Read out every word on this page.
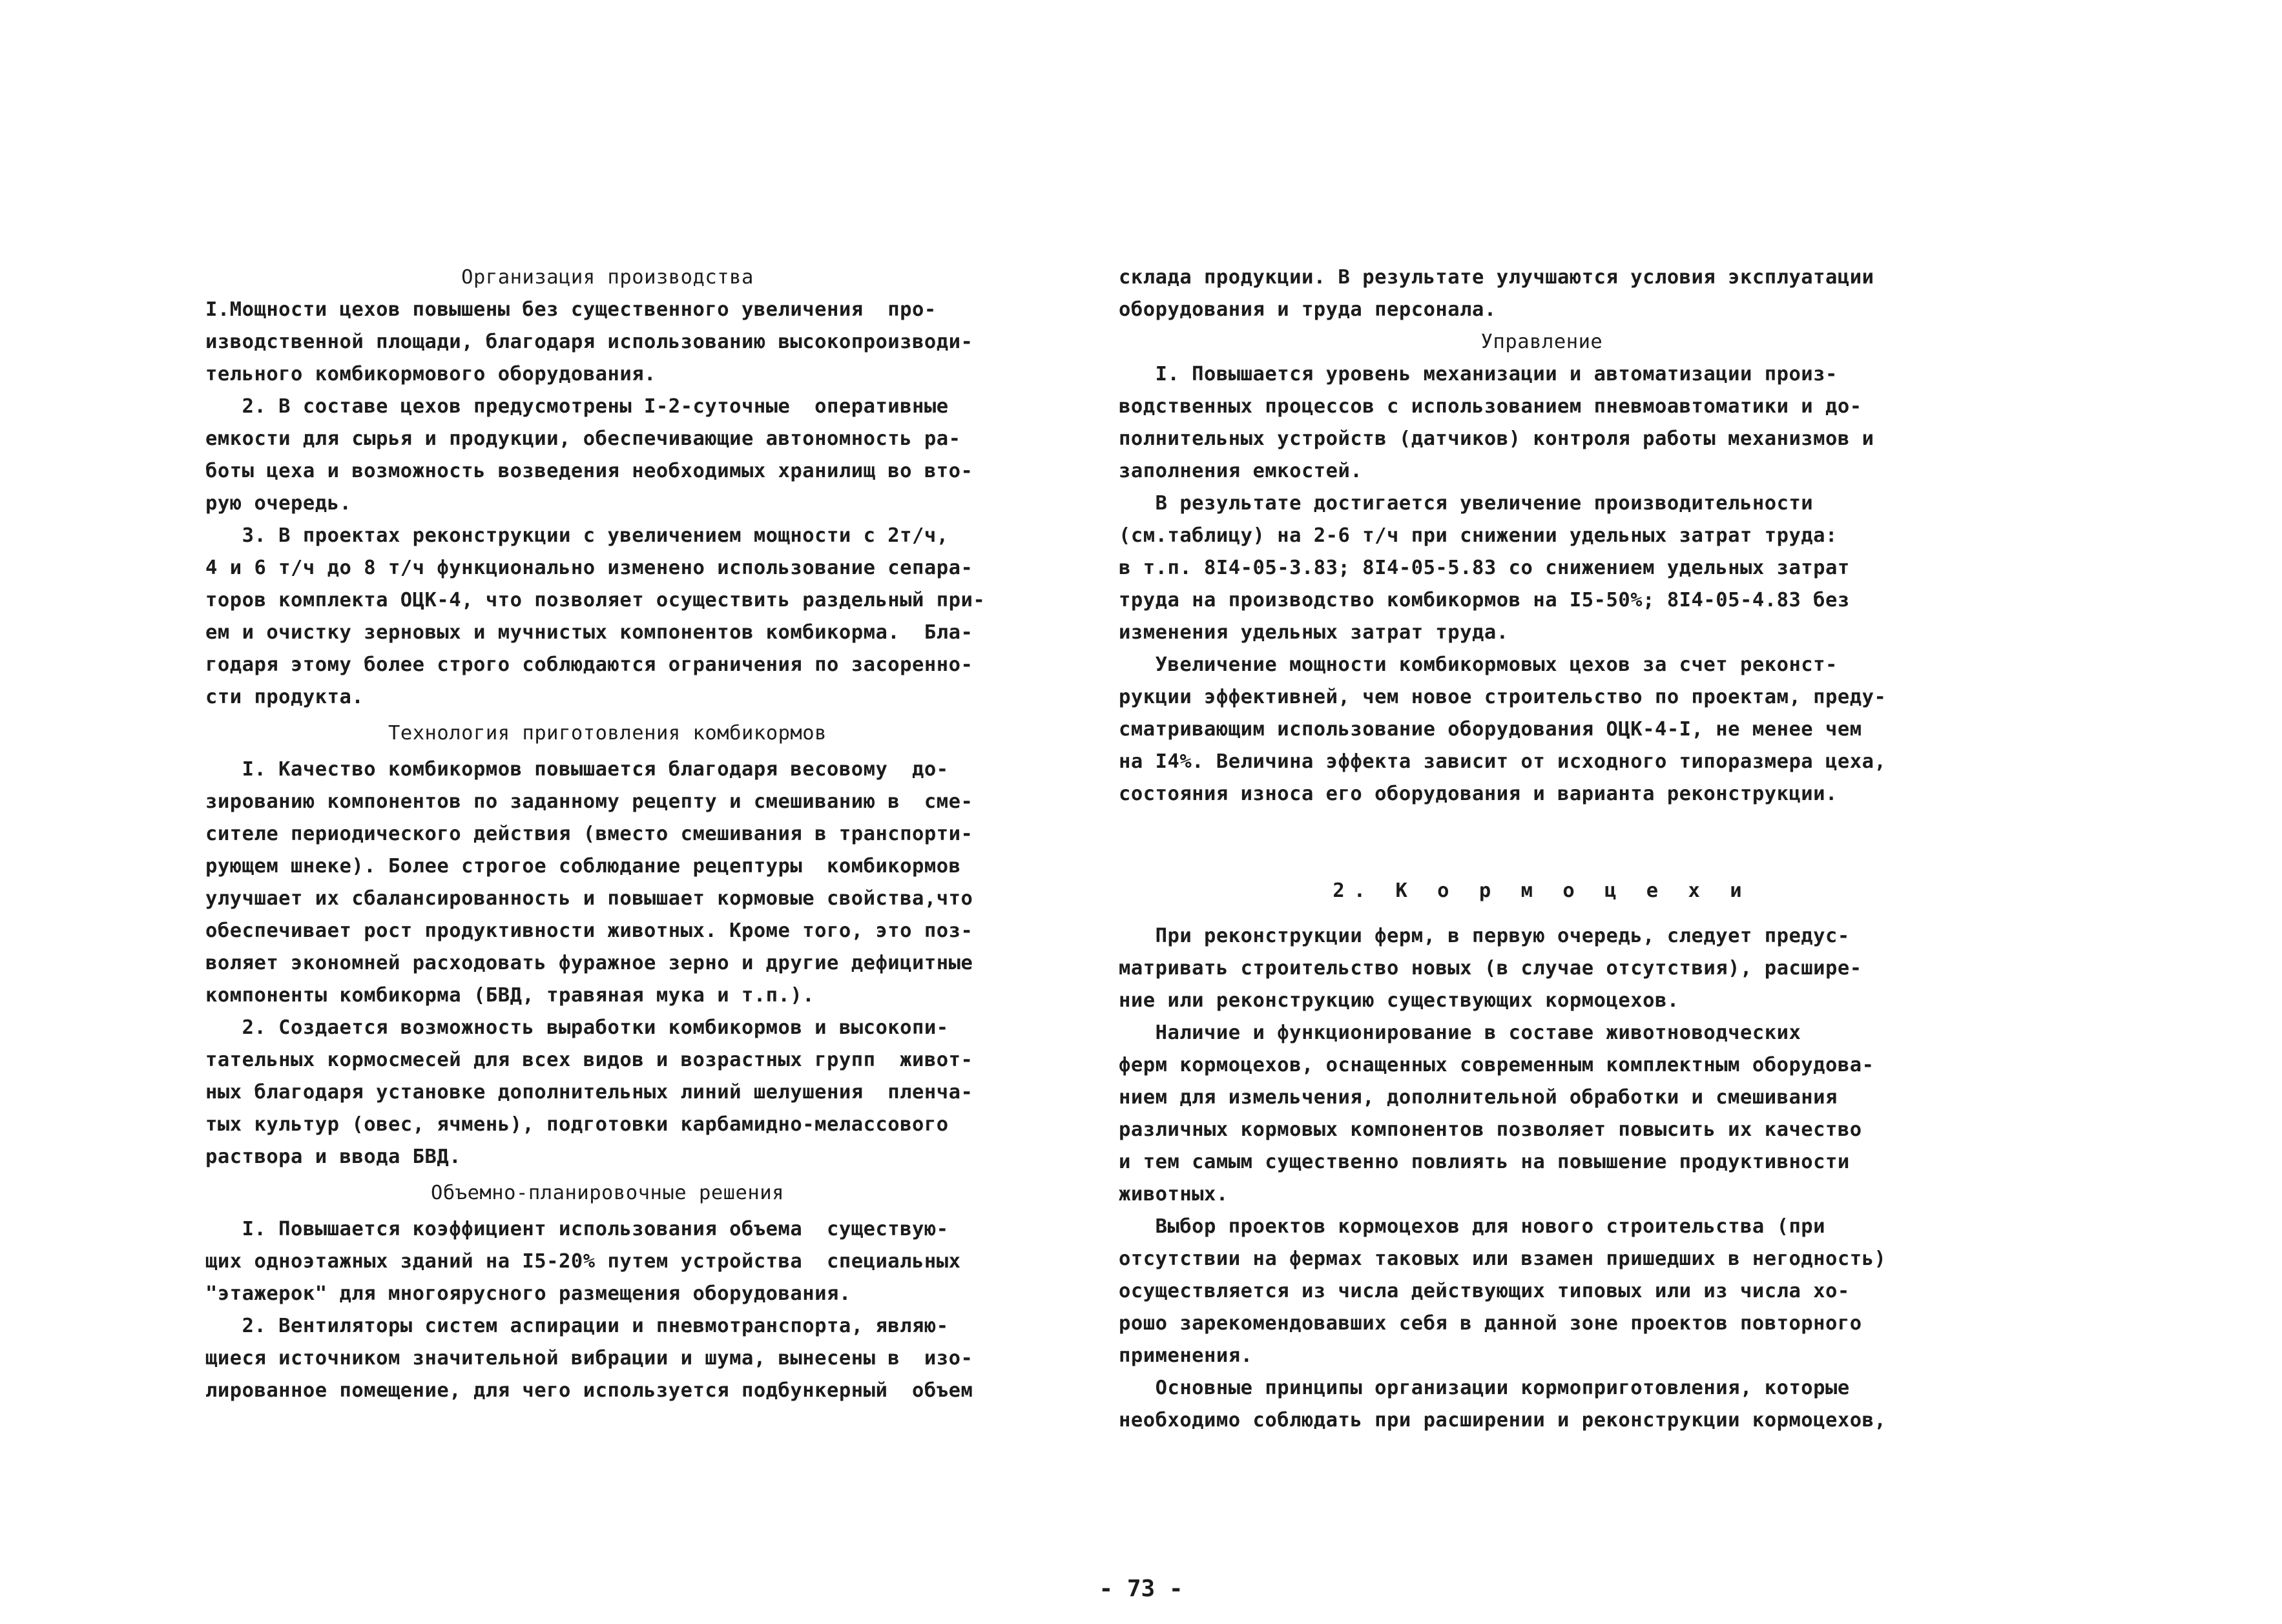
Организация производства

I.Мощности цехов повышены без существенного увеличения  про-
изводственной площади, благодаря использованию высокопроизводи-
тельного комбикормового оборудования.
2. В составе цехов предусмотрены I-2-суточные  оперативные
емкости для сырья и продукции, обеспечивающие автономность ра-
боты цеха и возможность возведения необходимых хранилищ во вто-
рую очередь.
3. В проектах реконструкции с увеличением мощности с 2т/ч,
4 и 6 т/ч до 8 т/ч функционально изменено использование сепара-
торов комплекта ОЦК-4, что позволяет осуществить раздельный при-
ем и очистку зерновых и мучнистых компонентов комбикорма.  Бла-
годаря этому более строго соблюдаются ограничения по засоренно-
сти продукта.

Технология приготовления комбикормов

I. Качество комбикормов повышается благодаря весовому  до-
зированию компонентов по заданному рецепту и смешиванию в  сме-
сителе периодического действия (вместо смешивания в транспорти-
рующем шнеке). Более строгое соблюдание рецептуры  комбикормов
улучшает их сбалансированность и повышает кормовые свойства,что
обеспечивает рост продуктивности животных. Кроме того, это поз-
воляет экономней расходовать фуражное зерно и другие дефицитные
компоненты комбикорма (БВД, травяная мука и т.п.).
2. Создается возможность выработки комбикормов и высокопи-
тательных кормосмесей для всех видов и возрастных групп  живот-
ных благодаря установке дополнительных линий шелушения  пленча-
тых культур (овес, ячмень), подготовки карбамидно-мелассового
раствора и ввода БВД.

Объемно-планировочные решения

I. Повышается коэффициент использования объема  существую-
щих одноэтажных зданий на I5-20% путем устройства  специальных
"этажерок" для многоярусного размещения оборудования.
2. Вентиляторы систем аспирации и пневмотранспорта, являю-
щиеся источником значительной вибрации и шума, вынесены в  изо-
лированное помещение, для чего используется подбункерный  объем
склада продукции. В результате улучшаются условия эксплуатации
оборудования и труда персонала.

Управление

I. Повышается уровень механизации и автоматизации произ-
водственных процессов с использованием пневмоавтоматики и до-
полнительных устройств (датчиков) контроля работы механизмов и
заполнения емкостей.
В результате достигается увеличение производительности
(см.таблицу) на 2-6 т/ч при снижении удельных затрат труда:
в т.п. 8I4-05-3.83; 8I4-05-5.83 со снижением удельных затрат
труда на производство комбикормов на I5-50%; 8I4-05-4.83 без
изменения удельных затрат труда.
Увеличение мощности комбикормовых цехов за счет реконст-
рукции эффективней, чем новое строительство по проектам, преду-
сматривающим использование оборудования ОЦК-4-I, не менее чем
на I4%. Величина эффекта зависит от исходного типоразмера цеха,
состояния износа его оборудования и варианта реконструкции.

2. К о р м о ц е х и

При реконструкции ферм, в первую очередь, следует предус-
матривать строительство новых (в случае отсутствия), расшире-
ние или реконструкцию существующих кормоцехов.
Наличие и функционирование в составе животноводческих
ферм кормоцехов, оснащенных современным комплектным оборудова-
нием для измельчения, дополнительной обработки и смешивания
различных кормовых компонентов позволяет повысить их качество
и тем самым существенно повлиять на повышение продуктивности
животных.
Выбор проектов кормоцехов для нового строительства (при
отсутствии на фермах таковых или взамен пришедших в негодность)
осуществляется из числа действующих типовых или из числа хо-
рошо зарекомендовавших себя в данной зоне проектов повторного
применения.
Основные принципы организации кормоприготовления, которые
необходимо соблюдать при расширении и реконструкции кормоцехов,
- 73 -
